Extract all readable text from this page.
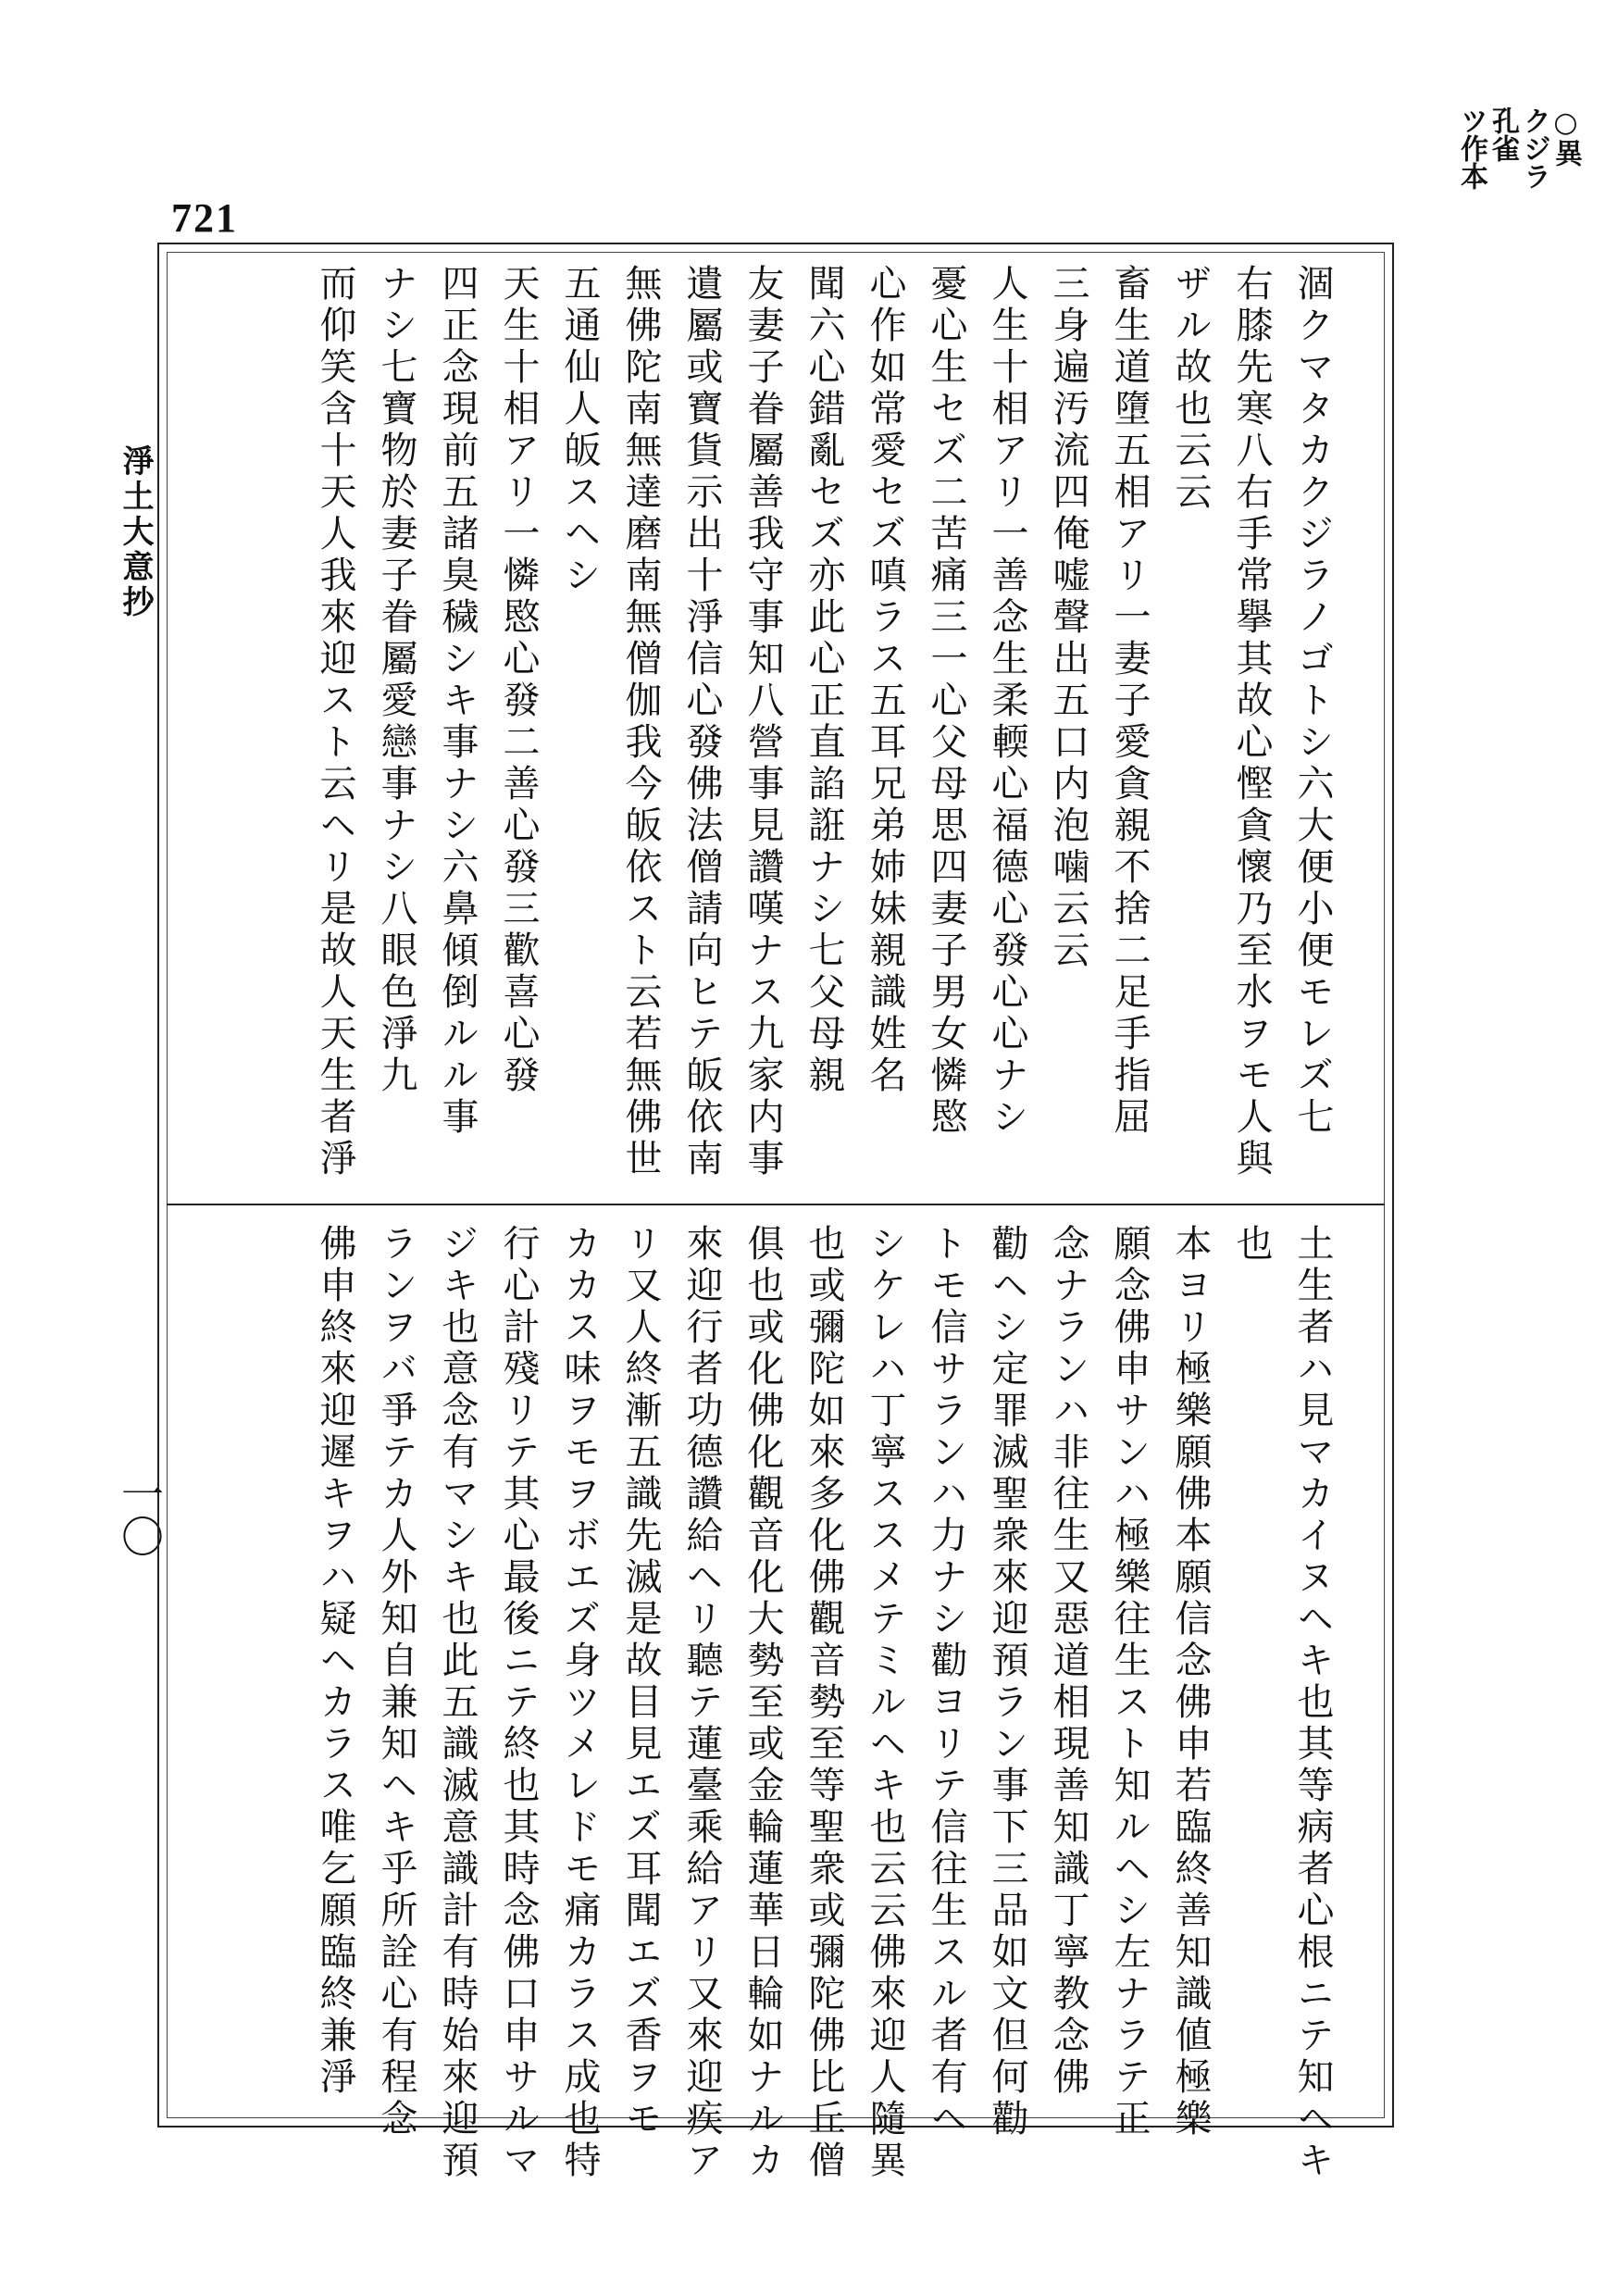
721
○異
クジラ
孔雀
ツ作本
淨土大意抄
一〇
涸クマタカクジラノゴトシ六大便小便モレズ七
右膝先寒八右手常擧其故心慳貪懷乃至水ヲモ人與
ザル故也云云
畜生道墮五相アリ一妻子愛貪親不捨二足手指屈
三身遍汚流四俺嘘聲出五口内泡噛云云
人生十相アリ一善念生柔輭心福德心發心心ナシ
憂心生セズ二苦痛三一心父母思四妻子男女憐愍
心作如常愛セズ嗔ラス五耳兄弟姉妹親識姓名
聞六心錯亂セズ亦此心正直諂誑ナシ七父母親
友妻子眷屬善我守事知八營事見讚嘆ナス九家内事
遺屬或寶貨示出十淨信心發佛法僧請向ヒテ皈依南
無佛陀南無達磨南無僧伽我今皈依スト云若無佛世
五通仙人皈スヘシ
天生十相アリ一憐愍心發二善心發三歡喜心發
四正念現前五諸臭穢シキ事ナシ六鼻傾倒ルル事
ナシ七寶物於妻子眷屬愛戀事ナシ八眼色淨九
而仰笑含十天人我來迎スト云ヘリ是故人天生者淨
土生者ハ見マカイヌヘキ也其等病者心根ニテ知ヘキ
也
本ヨリ極樂願佛本願信念佛申若臨終善知識値極樂
願念佛申サンハ極樂往生スト知ルヘシ左ナラテ正
念ナランハ非往生又惡道相現善知識丁寧教念佛
勸ヘシ定罪滅聖衆來迎預ラン事下三品如文但何勸
トモ信サランハ力ナシ勸ヨリテ信往生スル者有ヘ
シケレハ丁寧ススメテミルヘキ也云云佛來迎人隨異
也或彌陀如來多化佛觀音勢至等聖衆或彌陀佛比丘僧
俱也或化佛化觀音化大勢至或金輪蓮華日輪如ナルカ
來迎行者功德讚給ヘリ聽テ蓮臺乘給アリ又來迎疾ア
リ又人終漸五識先滅是故目見エズ耳聞エズ香ヲモ
カカス味ヲモヲボエズ身ツメレドモ痛カラス成也特
行心計殘リテ其心最後ニテ終也其時念佛口申サルマ
ジキ也意念有マシキ也此五識滅意識計有時始來迎預
ランヲバ爭テカ人外知自兼知ヘキ乎所詮心有程念
佛申終來迎遲キヲハ疑ヘカラス唯乞願臨終兼淨
